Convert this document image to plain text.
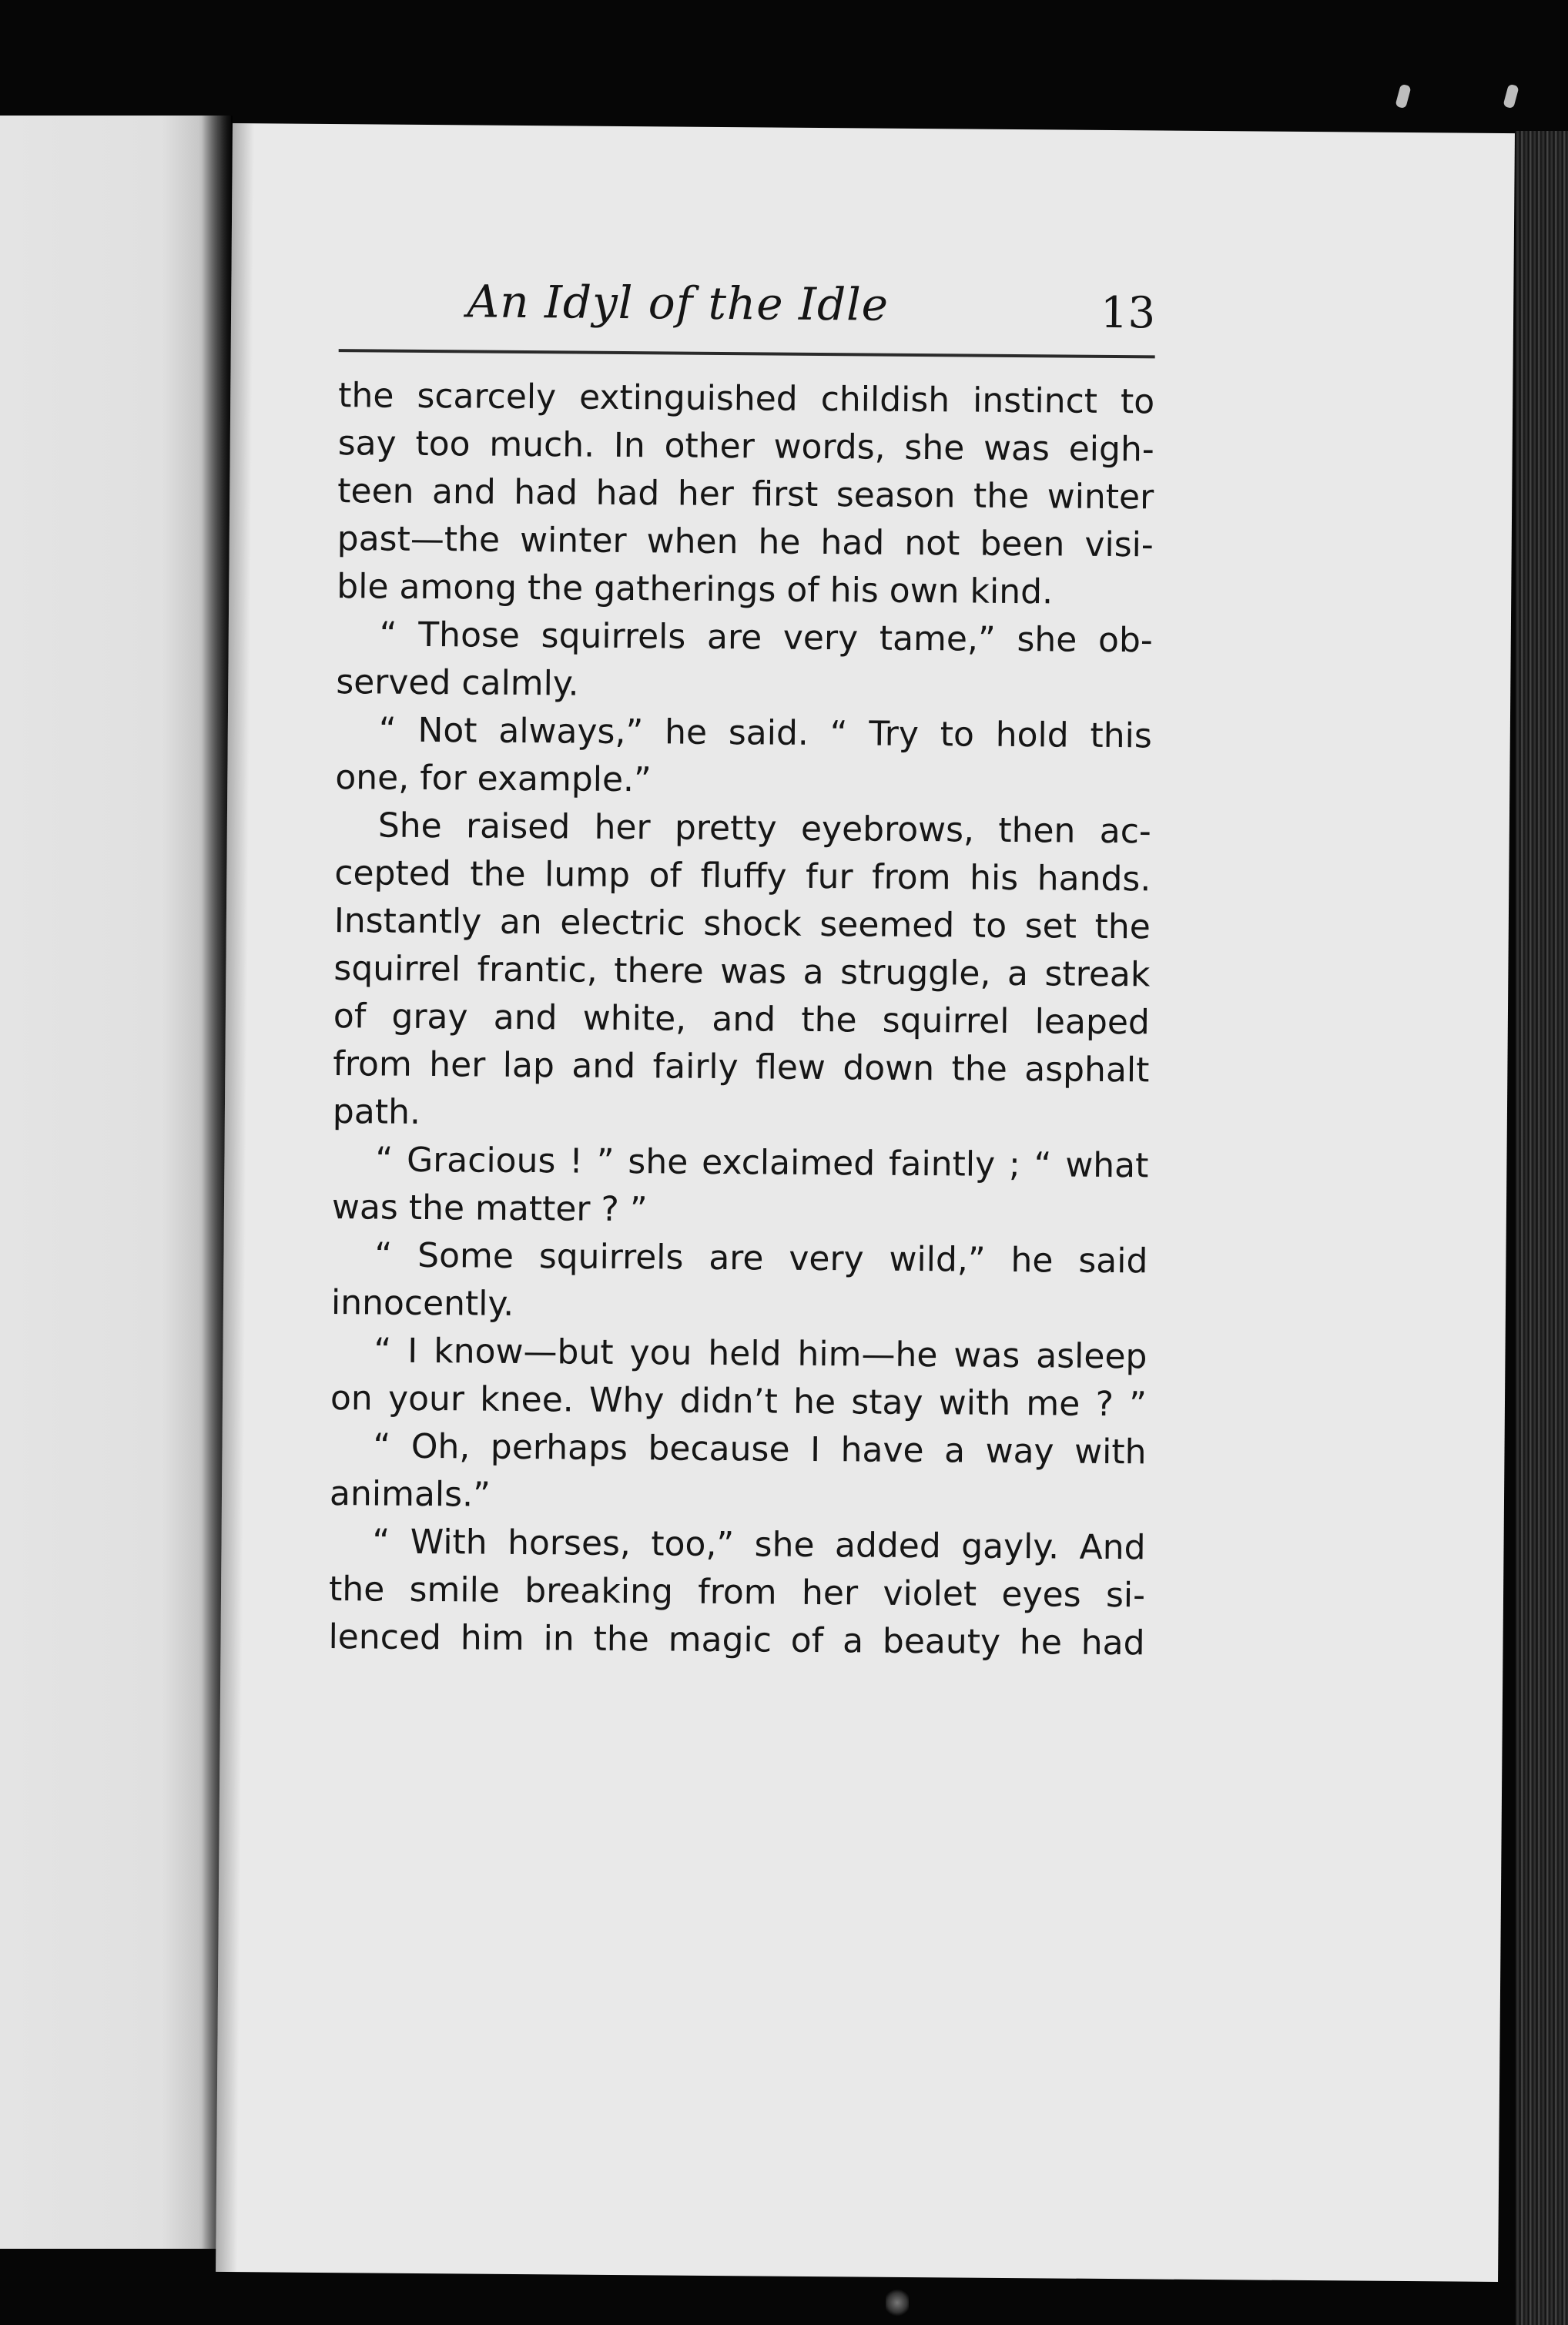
An Idyl of the Idle	13
the scarcely extinguished childish instinct to
say too much. In other words, she was eigh-
teen and had had her first season the winter
past—the winter when he had not been visi-
ble among the gatherings of his own kind.
“ Those squirrels are very tame,” she ob-
served calmly.
“ Not always,” he said. “ Try to hold this
one, for example.”
She raised her pretty eyebrows, then ac-
cepted the lump of fluffy fur from his hands.
Instantly an electric shock seemed to set the
squirrel frantic, there was a struggle, a streak
of gray and white, and the squirrel leaped
from her lap and fairly flew down the asphalt
path.
“ Gracious ! ” she exclaimed faintly ; “ what
was the matter ? ”
“ Some squirrels are very wild,” he said
innocently.
“ I know—but you held him—he was asleep
on your knee. Why didn’t he stay with me ? ”
“ Oh, perhaps because I have a way with
animals.”
“ With horses, too,” she added gayly. And
the smile breaking from her violet eyes si-
lenced him in the magic of a beauty he had
